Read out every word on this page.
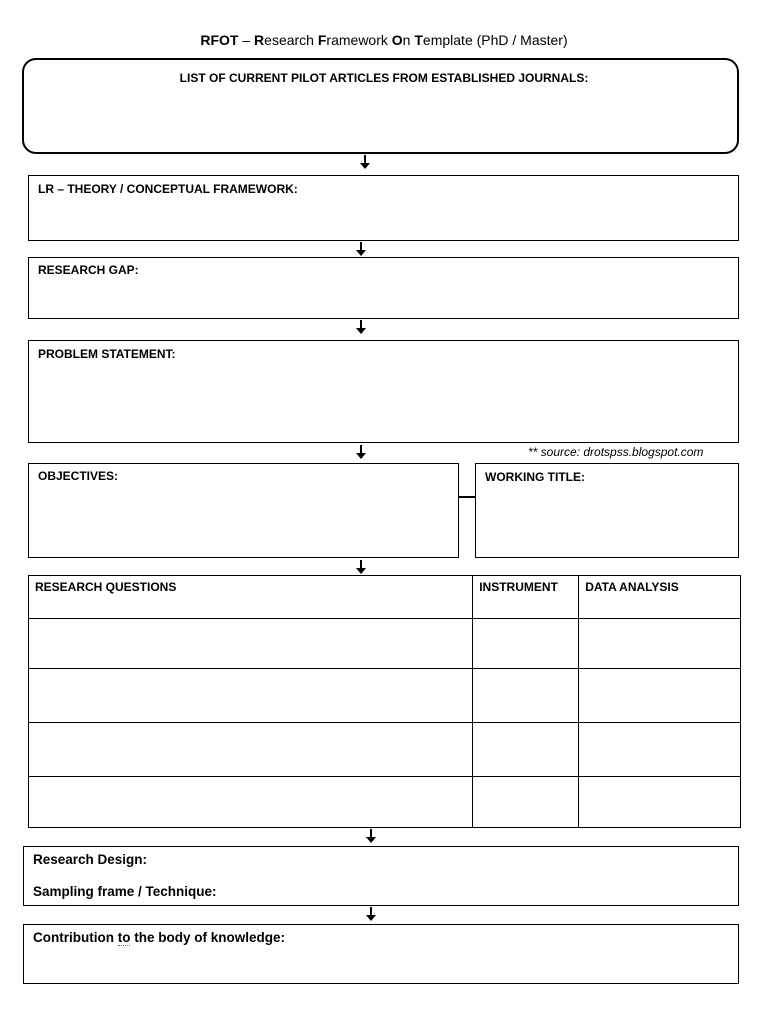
RFOT – Research Framework On Template (PhD / Master)
LIST OF CURRENT PILOT ARTICLES FROM ESTABLISHED JOURNALS:
LR – THEORY / CONCEPTUAL FRAMEWORK:
RESEARCH GAP:
PROBLEM STATEMENT:
** source: drotspss.blogspot.com
OBJECTIVES:	WORKING TITLE:
RESEARCH QUESTIONS	INSTRUMENT	DATA ANALYSIS

Research Design:
Sampling frame / Technique:
Contribution to the body of knowledge:
